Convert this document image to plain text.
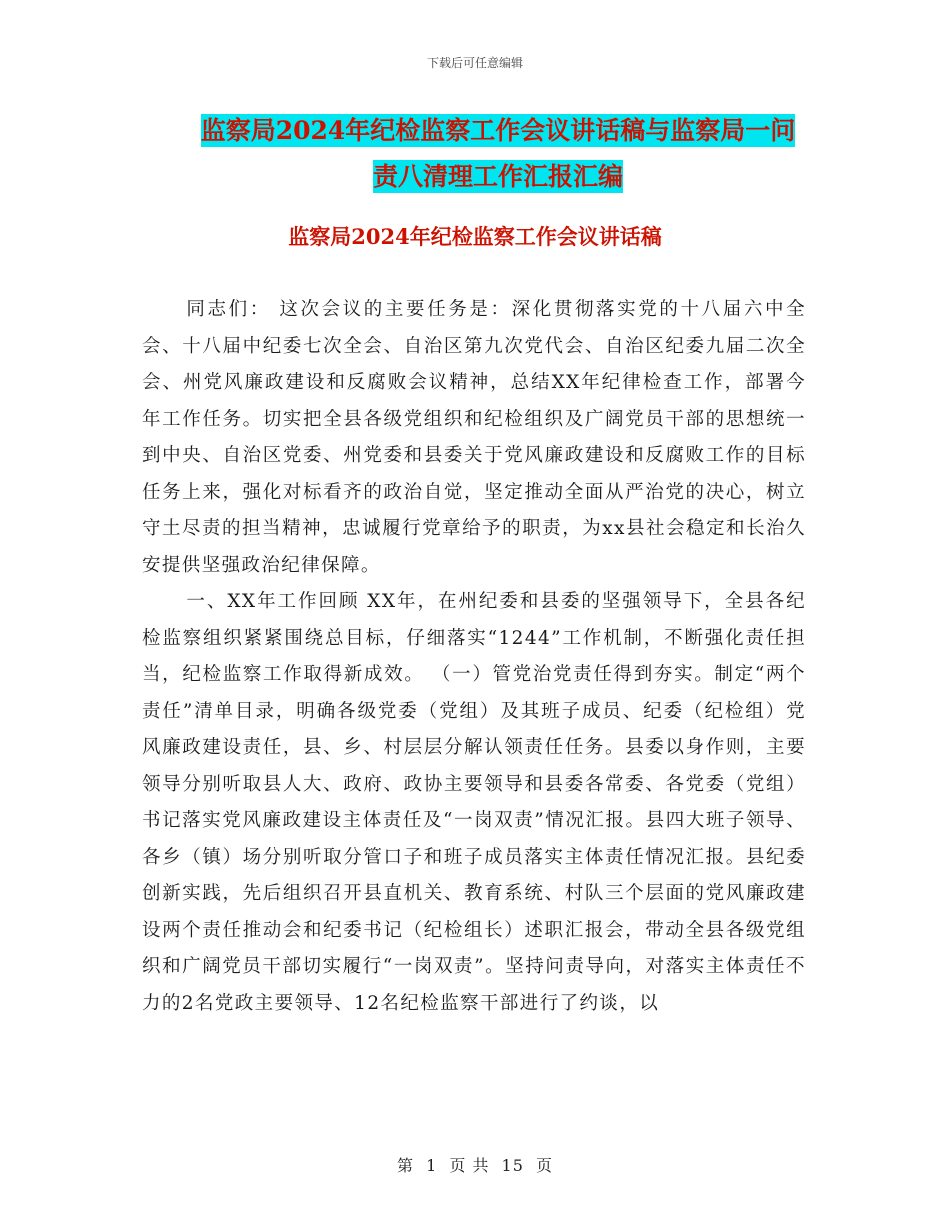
下载后可任意编辑
监察局2024年纪检监察工作会议讲话稿与监察局一问
责八清理工作汇报汇编
监察局2024年纪检监察工作会议讲话稿

同志们： 这次会议的主要任务是：深化贯彻落实党的十八届六中全会、十八届中纪委七次全会、自治区第九次党代会、自治区纪委九届二次全会、州党风廉政建设和反腐败会议精神，总结XX年纪律检查工作，部署今年工作任务。切实把全县各级党组织和纪检组织及广阔党员干部的思想统一到中央、自治区党委、州党委和县委关于党风廉政建设和反腐败工作的目标任务上来，强化对标看齐的政治自觉，坚定推动全面从严治党的决心，树立守土尽责的担当精神，忠诚履行党章给予的职责，为xx县社会稳定和长治久安提供坚强政治纪律保障。

一、XX年工作回顾 XX年，在州纪委和县委的坚强领导下，全县各纪检监察组织紧紧围绕总目标，仔细落实“1244”工作机制，不断强化责任担当，纪检监察工作取得新成效。 （一）管党治党责任得到夯实。制定“两个责任”清单目录，明确各级党委（党组）及其班子成员、纪委（纪检组）党风廉政建设责任，县、乡、村层层分解认领责任任务。县委以身作则，主要领导分别听取县人大、政府、政协主要领导和县委各常委、各党委（党组）书记落实党风廉政建设主体责任及“一岗双责”情况汇报。县四大班子领导、各乡（镇）场分别听取分管口子和班子成员落实主体责任情况汇报。县纪委创新实践，先后组织召开县直机关、教育系统、村队三个层面的党风廉政建设两个责任推动会和纪委书记（纪检组长）述职汇报会，带动全县各级党组织和广阔党员干部切实履行“一岗双责”。坚持问责导向，对落实主体责任不力的2名党政主要领导、12名纪检监察干部进行了约谈，以

第 1 页 共 15 页
